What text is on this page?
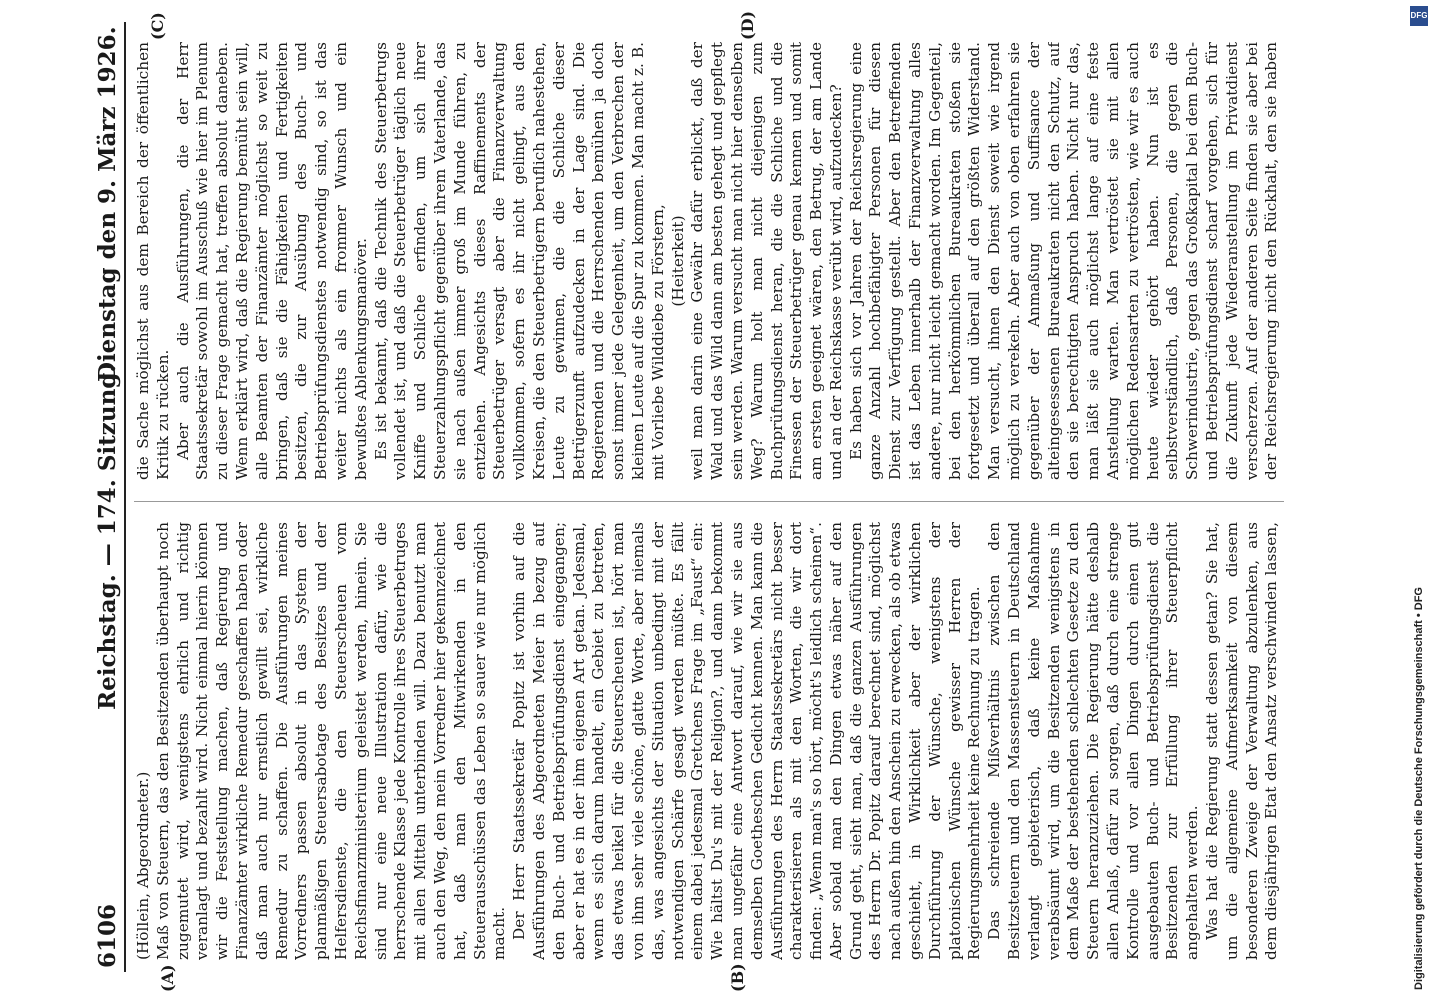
6106
Reichstag. — 174. Sitzung.
Dienstag den 9. März 1926.
(A)	(B)
(C)	(D)

(Höllein, Abgeordneter.) Maß von Steuern, das den Besitzenden überhaupt noch zugemutet wird, wenigstens ehrlich und richtig veranlagt und bezahlt wird. Nicht einmal hierin können wir die Feststellung machen, daß Regierung und Finanzämter wirkliche Remedur geschaffen haben oder daß man auch nur ernstlich gewillt sei, wirkliche Remedur zu schaffen. Die Ausführungen meines Vorredners passen absolut in das System der planmäßigen Steuersabotage des Besitzes und der Helfersdienste, die den Steuerscheuen vom Reichsfinanzministerium geleistet werden, hinein. Sie sind nur eine neue Illustration dafür, wie die herrschende Klasse jede Kontrolle ihres Steuerbetruges mit allen Mitteln unterbinden will. Dazu benutzt man auch den Weg, den mein Vorredner hier gekennzeichnet hat, daß man den Mitwirkenden in den Steuerausschüssen das Leben so sauer wie nur möglich macht. Der Herr Staatssekretär Popitz ist vorhin auf die Ausführungen des Abgeordneten Meier in bezug auf den Buch- und Betriebsprüfungsdienst eingegangen; aber er hat es in der ihm eigenen Art getan. Jedesmal, wenn es sich darum handelt, ein Gebiet zu betreten, das etwas heikel für die Steuerscheuen ist, hört man von ihm sehr viele schöne, glatte Worte, aber niemals das, was angesichts der Situation unbedingt mit der notwendigen Schärfe gesagt werden müßte. Es fällt einem dabei jedesmal Gretchens Frage im „Faust“ ein: Wie hältst Du's mit der Religion?, und dann bekommt man ungefähr eine Antwort darauf, wie wir sie aus demselben Goetheschen Gedicht kennen. Man kann die Ausführungen des Herrn Staatssekretärs nicht besser charakterisieren als mit den Worten, die wir dort finden: „Wenn man's so hört, möcht's leidlich scheinen“. Aber sobald man den Dingen etwas näher auf den Grund geht, sieht man, daß die ganzen Ausführungen des Herrn Dr. Popitz darauf berechnet sind, möglichst nach außen hin den Anschein zu erwecken, als ob etwas geschieht, in Wirklichkeit aber der wirklichen Durchführung der Wünsche, wenigstens der platonischen Wünsche gewisser Herren der Regierungsmehrheit keine Rechnung zu tragen. Das schreiende Mißverhältnis zwischen den Besitzsteuern und den Massensteuern in Deutschland verlangt gebieterisch, daß keine Maßnahme verabsäumt wird, um die Besitzenden wenigstens in dem Maße der bestehenden schlechten Gesetze zu den Steuern heranzuziehen. Die Regierung hätte deshalb allen Anlaß, dafür zu sorgen, daß durch eine strenge Kontrolle und vor allen Dingen durch einen gut ausgebauten Buch- und Betriebsprüfungsdienst die Besitzenden zur Erfüllung ihrer Steuerpflicht angehalten werden. Was hat die Regierung statt dessen getan? Sie hat, um die allgemeine Aufmerksamkeit von diesem besonderen Zweige der Verwaltung abzulenken, aus dem diesjährigen Etat den Ansatz verschwinden lassen,

die Sache möglichst aus dem Bereich der öffentlichen Kritik zu rücken. Aber auch die Ausführungen, die der Herr Staatssekretär sowohl im Ausschuß wie hier im Plenum zu dieser Frage gemacht hat, treffen absolut daneben. Wenn erklärt wird, daß die Regierung bemüht sein will, alle Beamten der Finanzämter möglichst so weit zu bringen, daß sie die Fähigkeiten und Fertigkeiten besitzen, die zur Ausübung des Buch- und Betriebsprüfungsdienstes notwendig sind, so ist das weiter nichts als ein frommer Wunsch und ein bewußtes Ablenkungsmanöver. Es ist bekannt, daß die Technik des Steuerbetrugs vollendet ist, und daß die Steuerbetrüger täglich neue Kniffe und Schliche erfinden, um sich ihrer Steuerzahlungspflicht gegenüber ihrem Vaterlande, das sie nach außen immer groß im Munde führen, zu entziehen. Angesichts dieses Raffinements der Steuerbetrüger versagt aber die Finanzverwaltung vollkommen, sofern es ihr nicht gelingt, aus den Kreisen, die den Steuerbetrügern beruflich nahestehen, Leute zu gewinnen, die die Schliche dieser Betrügerzunft aufzudecken in der Lage sind. Die Regierenden und die Herrschenden bemühen ja doch sonst immer jede Gelegenheit, um den Verbrechen der kleinen Leute auf die Spur zu kommen. Man macht z. B. mit Vorliebe Wilddiebe zu Förstern, (Heiterkeit) weil man darin eine Gewähr dafür erblickt, daß der Wald und das Wild dann am besten gehegt und gepflegt sein werden. Warum versucht man nicht hier denselben Weg? Warum holt man nicht diejenigen zum Buchprüfungsdienst heran, die die Schliche und die Finessen der Steuerbetrüger genau kennen und somit am ersten geeignet wären, den Betrug, der am Lande und an der Reichskasse verübt wird, aufzudecken? Es haben sich vor Jahren der Reichsregierung eine ganze Anzahl hochbefähigter Personen für diesen Dienst zur Verfügung gestellt. Aber den Betreffenden ist das Leben innerhalb der Finanzverwaltung alles andere, nur nicht leicht gemacht worden. Im Gegenteil, bei den herkömmlichen Bureaukraten stoßen sie fortgesetzt und überall auf den größten Widerstand. Man versucht, ihnen den Dienst soweit wie irgend möglich zu verekeln. Aber auch von oben erfahren sie gegenüber der Anmaßung und Suffisance der alteingesessenen Bureaukraten nicht den Schutz, auf den sie berechtigten Anspruch haben. Nicht nur das, man läßt sie auch möglichst lange auf eine feste Anstellung warten. Man vertröstet sie mit allen möglichen Redensarten zu vertrösten, wie wir es auch heute wieder gehört haben. Nun ist es selbstverständlich, daß Personen, die gegen die Schwerindustrie, gegen das Großkapital bei dem Buch- und Betriebsprüfungsdienst scharf vorgehen, sich für die Zukunft jede Wiederanstellung im Privatdienst verscherzen. Auf der anderen Seite finden sie aber bei der Reichsregierung nicht den Rückhalt, den sie haben

DFG
Digitalisierung gefördert durch die Deutsche Forschungsgemeinschaft • DFG
